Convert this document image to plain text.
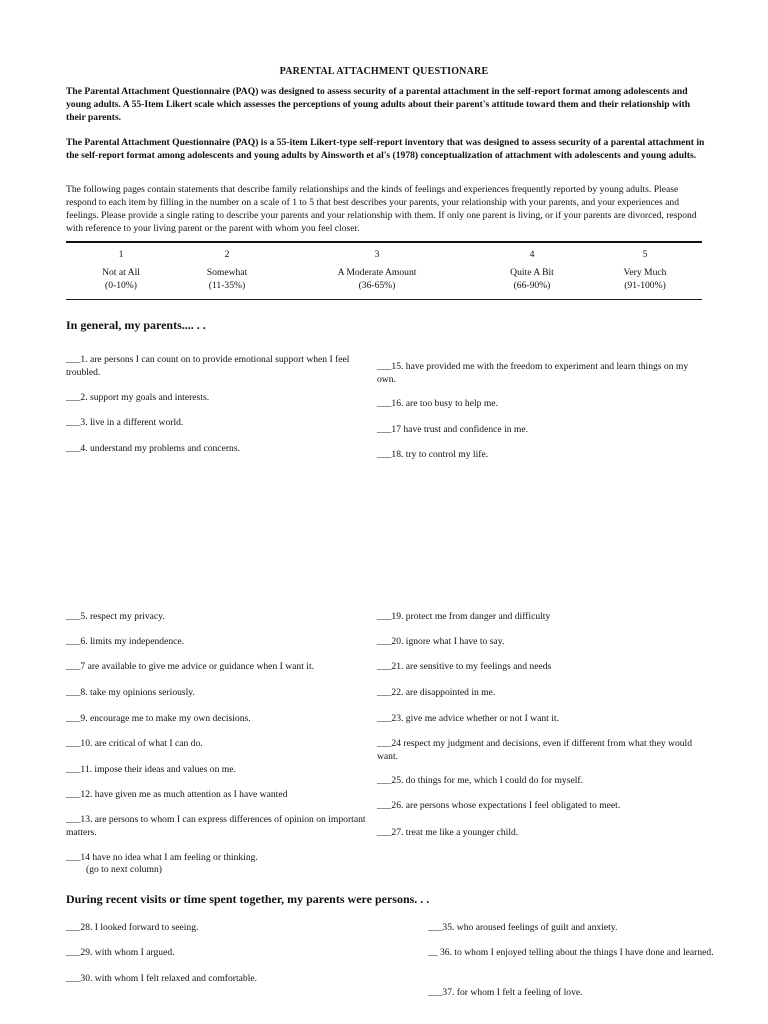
PARENTAL ATTACHMENT QUESTIONARE
The Parental Attachment Questionnaire (PAQ) was designed to assess security of a parental attachment in the self-report format among adolescents and young adults. A 55-Item Likert scale which assesses the perceptions of young adults about their parent's attitude toward them and their relationship with their parents.
The Parental Attachment Questionnaire (PAQ) is a 55-item Likert-type self-report inventory that was designed to assess security of a parental attachment in the self-report format among adolescents and young adults by Ainsworth et al's (1978) conceptualization of attachment with adolescents and young adults.
The following pages contain statements that describe family relationships and the kinds of feelings and experiences frequently reported by young adults. Please respond to each item by filling in the number on a scale of 1 to 5 that best describes your parents, your relationship with your parents, and your experiences and feelings. Please provide a single rating to describe your parents and your relationship with them. If only one parent is living, or if your parents are divorced, respond with reference to your living parent or the parent with whom you feel closer.
1
Not at All
(0-10%)
2
Somewhat
(11-35%)
3
A Moderate Amount
(36-65%)
4
Quite A Bit
(66-90%)
5
Very Much
(91-100%)
In general, my parents.... . .
___1. are persons I can count on to provide emotional support when I feel troubled.
___2. support my goals and interests.
___3. live in a different world.
___4. understand my problems and concerns.
___15. have provided me with the freedom to experiment and learn things on my own.
___16. are too busy to help me.
___17 have trust and confidence in me.
___18. try to control my life.
___5. respect my privacy.
___6. limits my independence.
___7 are available to give me advice or guidance when I want it.
___8. take my opinions seriously.
___9. encourage me to make my own decisions.
___10. are critical of what I can do.
___11. impose their ideas and values on me.
___12. have given me as much attention as I have wanted
___13. are persons to whom I can express differences of opinion on important matters.
___14 have no idea what I am feeling or thinking.
(go to next column)
___19. protect me from danger and difficulty
___20. ignore what I have to say.
___21. are sensitive to my feelings and needs
___22. are disappointed in me.
___23. give me advice whether or not I want it.
___24 respect my judgment and decisions, even if different from what they would want.
___25. do things for me, which I could do for myself.
___26. are persons whose expectations I feel obligated to meet.
___27. treat me like a younger child.
During recent visits or time spent together, my parents were persons. . .
___28. I looked forward to seeing.
___29. with whom I argued.
___30. with whom I felt relaxed and comfortable.
___35. who aroused feelings of guilt and anxiety.
__ 36. to whom I enjoyed telling about the things I have done and learned.
___37. for whom I felt a feeling of love.
